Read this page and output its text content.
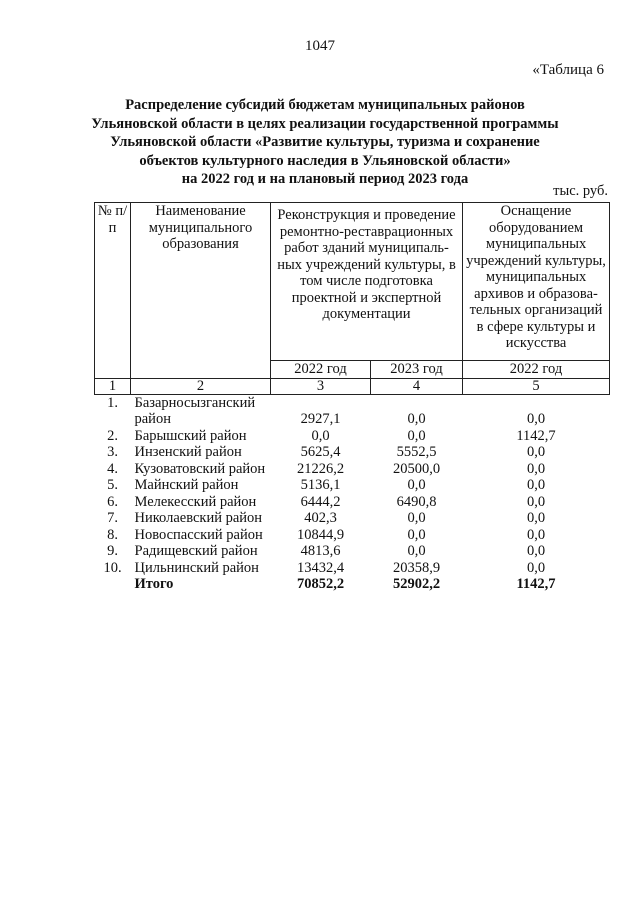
1047
«Таблица 6
Распределение субсидий бюджетам муниципальных районов
Ульяновской области в целях реализации государственной программы
Ульяновской области «Развитие культуры, туризма и сохранение
объектов культурного наследия в Ульяновской области»
на 2022 год и на плановый период 2023 года
тыс. руб.
№ п/п	Наименование муниципального образования	Реконструкция и проведение ремонтно-реставрационных работ зданий муниципаль-ных учреждений культуры, в том числе подготовка проектной и экспертной документации		Оснащение оборудованием муниципальных учреждений культуры, муниципальных архивов и образова-тельных организаций в сфере культуры и искусства
		2022 год	2023 год	2022 год
1	2	3	4	5
1.	Базарносызганский район	2927,1	0,0	0,0
2.	Барышский район	0,0	0,0	1142,7
3.	Инзенский район	5625,4	5552,5	0,0
4.	Кузоватовский район	21226,2	20500,0	0,0
5.	Майнский район	5136,1	0,0	0,0
6.	Мелекесский район	6444,2	6490,8	0,0
7.	Николаевский район	402,3	0,0	0,0
8.	Новоспасский район	10844,9	0,0	0,0
9.	Радищевский район	4813,6	0,0	0,0
10.	Цильнинский район	13432,4	20358,9	0,0
	Итого	70852,2	52902,2	1142,7
